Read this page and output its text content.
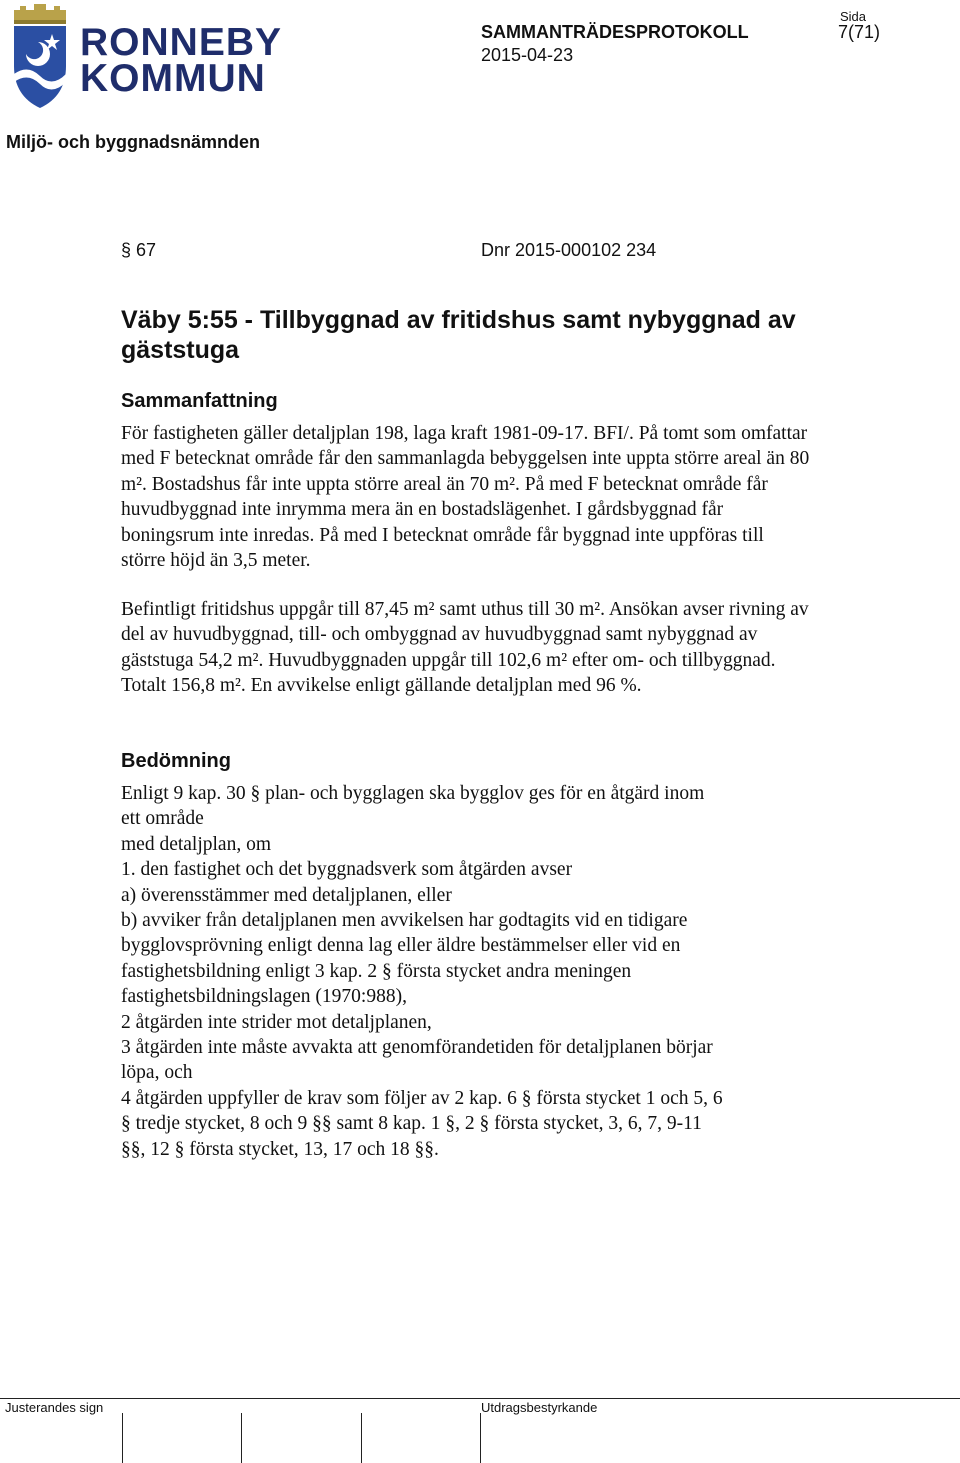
RONNEBY
KOMMUN
SAMMANTRÄDESPROTOKOLL
2015-04-23
Sida
7(71)
Miljö- och byggnadsnämnden
§ 67	Dnr 2015-000102 234
Väby 5:55 - Tillbyggnad av fritidshus samt nybyggnad av gäststuga
Sammanfattning
För fastigheten gäller detaljplan 198, laga kraft 1981-09-17. BFI/. På tomt som omfattar med F betecknat område får den sammanlagda bebyggelsen inte uppta större areal än 80 m². Bostadshus får inte uppta större areal än 70 m². På med F betecknat område får huvudbyggnad inte inrymma mera än en bostadslägenhet. I gårdsbyggnad får boningsrum inte inredas. På med I betecknat område får byggnad inte uppföras till större höjd än 3,5 meter.
Befintligt fritidshus uppgår till 87,45 m² samt uthus till 30 m². Ansökan avser rivning av del av huvudbyggnad, till- och ombyggnad av huvudbyggnad samt nybyggnad av gäststuga 54,2 m². Huvudbyggnaden uppgår till 102,6 m² efter om- och tillbyggnad. Totalt 156,8 m². En avvikelse enligt gällande detaljplan med 96 %.
Bedömning
Enligt 9 kap. 30 § plan- och bygglagen ska bygglov ges för en åtgärd inom
ett område
med detaljplan, om
1. den fastighet och det byggnadsverk som åtgärden avser
a) överensstämmer med detaljplanen, eller
b) avviker från detaljplanen men avvikelsen har godtagits vid en tidigare
bygglovsprövning enligt denna lag eller äldre bestämmelser eller vid en
fastighetsbildning enligt 3 kap. 2 § första stycket andra meningen
fastighetsbildningslagen (1970:988),
2 åtgärden inte strider mot detaljplanen,
3 åtgärden inte måste avvakta att genomförandetiden för detaljplanen börjar
löpa, och
4 åtgärden uppfyller de krav som följer av 2 kap. 6 § första stycket 1 och 5, 6
§ tredje stycket, 8 och 9 §§ samt 8 kap. 1 §, 2 § första stycket, 3, 6, 7, 9-11
§§, 12 § första stycket, 13, 17 och 18 §§.
Justerandes sign	Utdragsbestyrkande
